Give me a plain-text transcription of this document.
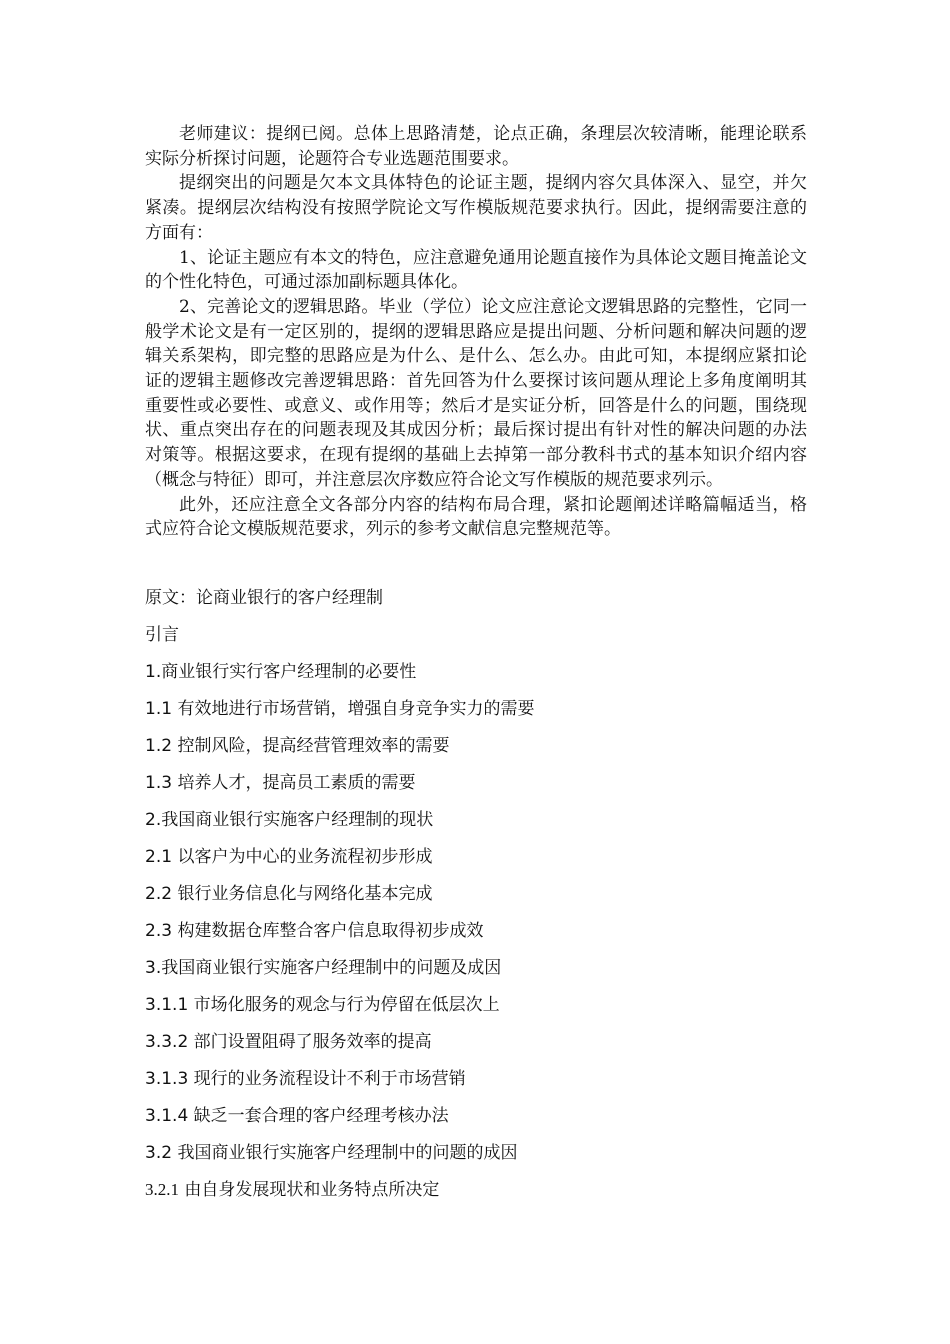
老师建议：提纲已阅。总体上思路清楚，论点正确，条理层次较清晰，能理论联系实际分析探讨问题，论题符合专业选题范围要求。

提纲突出的问题是欠本文具体特色的论证主题，提纲内容欠具体深入、显空，并欠紧凑。提纲层次结构没有按照学院论文写作模版规范要求执行。因此，提纲需要注意的方面有：

1、论证主题应有本文的特色，应注意避免通用论题直接作为具体论文题目掩盖论文的个性化特色，可通过添加副标题具体化。

2、完善论文的逻辑思路。毕业（学位）论文应注意论文逻辑思路的完整性，它同一般学术论文是有一定区别的，提纲的逻辑思路应是提出问题、分析问题和解决问题的逻辑关系架构，即完整的思路应是为什么、是什么、怎么办。由此可知，本提纲应紧扣论证的逻辑主题修改完善逻辑思路：首先回答为什么要探讨该问题从理论上多角度阐明其重要性或必要性、或意义、或作用等；然后才是实证分析，回答是什么的问题，围绕现状、重点突出存在的问题表现及其成因分析；最后探讨提出有针对性的解决问题的办法对策等。根据这要求，在现有提纲的基础上去掉第一部分教科书式的基本知识介绍内容（概念与特征）即可，并注意层次序数应符合论文写作模版的规范要求列示。

此外，还应注意全文各部分内容的结构布局合理，紧扣论题阐述详略篇幅适当，格式应符合论文模版规范要求，列示的参考文献信息完整规范等。

原文：论商业银行的客户经理制
引言
1.商业银行实行客户经理制的必要性
1.1 有效地进行市场营销，增强自身竞争实力的需要
1.2 控制风险，提高经营管理效率的需要
1.3 培养人才，提高员工素质的需要
2.我国商业银行实施客户经理制的现状
2.1 以客户为中心的业务流程初步形成
2.2 银行业务信息化与网络化基本完成
2.3 构建数据仓库整合客户信息取得初步成效
3.我国商业银行实施客户经理制中的问题及成因
3.1.1 市场化服务的观念与行为停留在低层次上
3.3.2 部门设置阻碍了服务效率的提高
3.1.3 现行的业务流程设计不利于市场营销
3.1.4 缺乏一套合理的客户经理考核办法
3.2 我国商业银行实施客户经理制中的问题的成因
3.2.1 由自身发展现状和业务特点所决定
